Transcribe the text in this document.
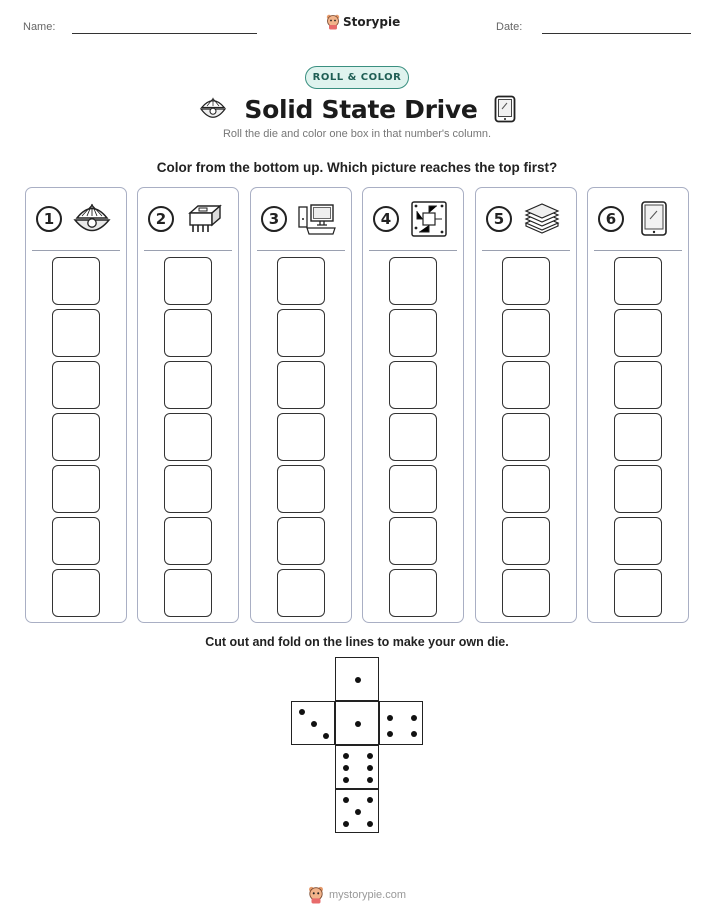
Name:	Storypie	Date:
ROLL & COLOR
Solid State Drive
Roll the die and color one box in that number's column.
Color from the bottom up. Which picture reaches the top first?
1	2	3	4	5	6
Cut out and fold on the lines to make your own die.
mystorypie.com
